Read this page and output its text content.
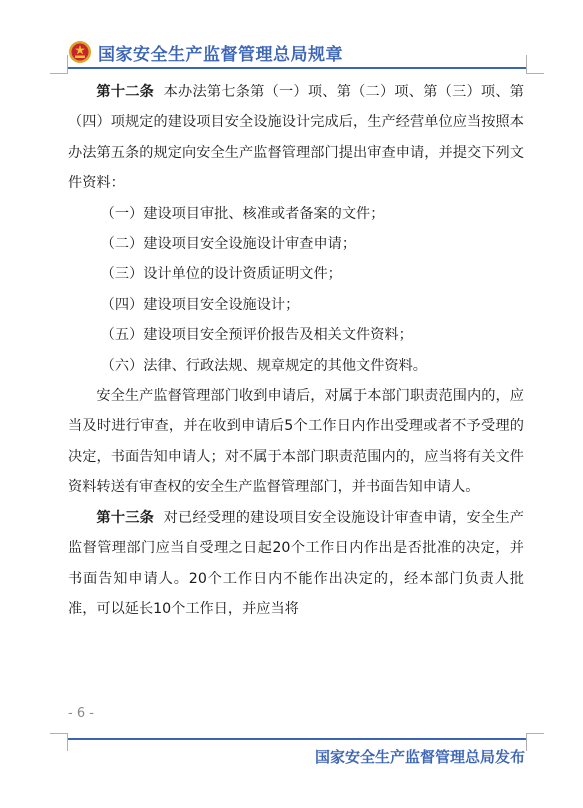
国家安全生产监督管理总局规章

第十二条 本办法第七条第（一）项、第（二）项、第（三）项、第（四）项规定的建设项目安全设施设计完成后，生产经营单位应当按照本办法第五条的规定向安全生产监督管理部门提出审查申请，并提交下列文件资料：

（一）建设项目审批、核准或者备案的文件；

（二）建设项目安全设施设计审查申请；

（三）设计单位的设计资质证明文件；

（四）建设项目安全设施设计；

（五）建设项目安全预评价报告及相关文件资料；

（六）法律、行政法规、规章规定的其他文件资料。

安全生产监督管理部门收到申请后，对属于本部门职责范围内的，应当及时进行审查，并在收到申请后5个工作日内作出受理或者不予受理的决定，书面告知申请人；对不属于本部门职责范围内的，应当将有关文件资料转送有审查权的安全生产监督管理部门，并书面告知申请人。

第十三条 对已经受理的建设项目安全设施设计审查申请，安全生产监督管理部门应当自受理之日起20个工作日内作出是否批准的决定，并书面告知申请人。20个工作日内不能作出决定的，经本部门负责人批准，可以延长10个工作日，并应当将

- 6 -
国家安全生产监督管理总局发布
